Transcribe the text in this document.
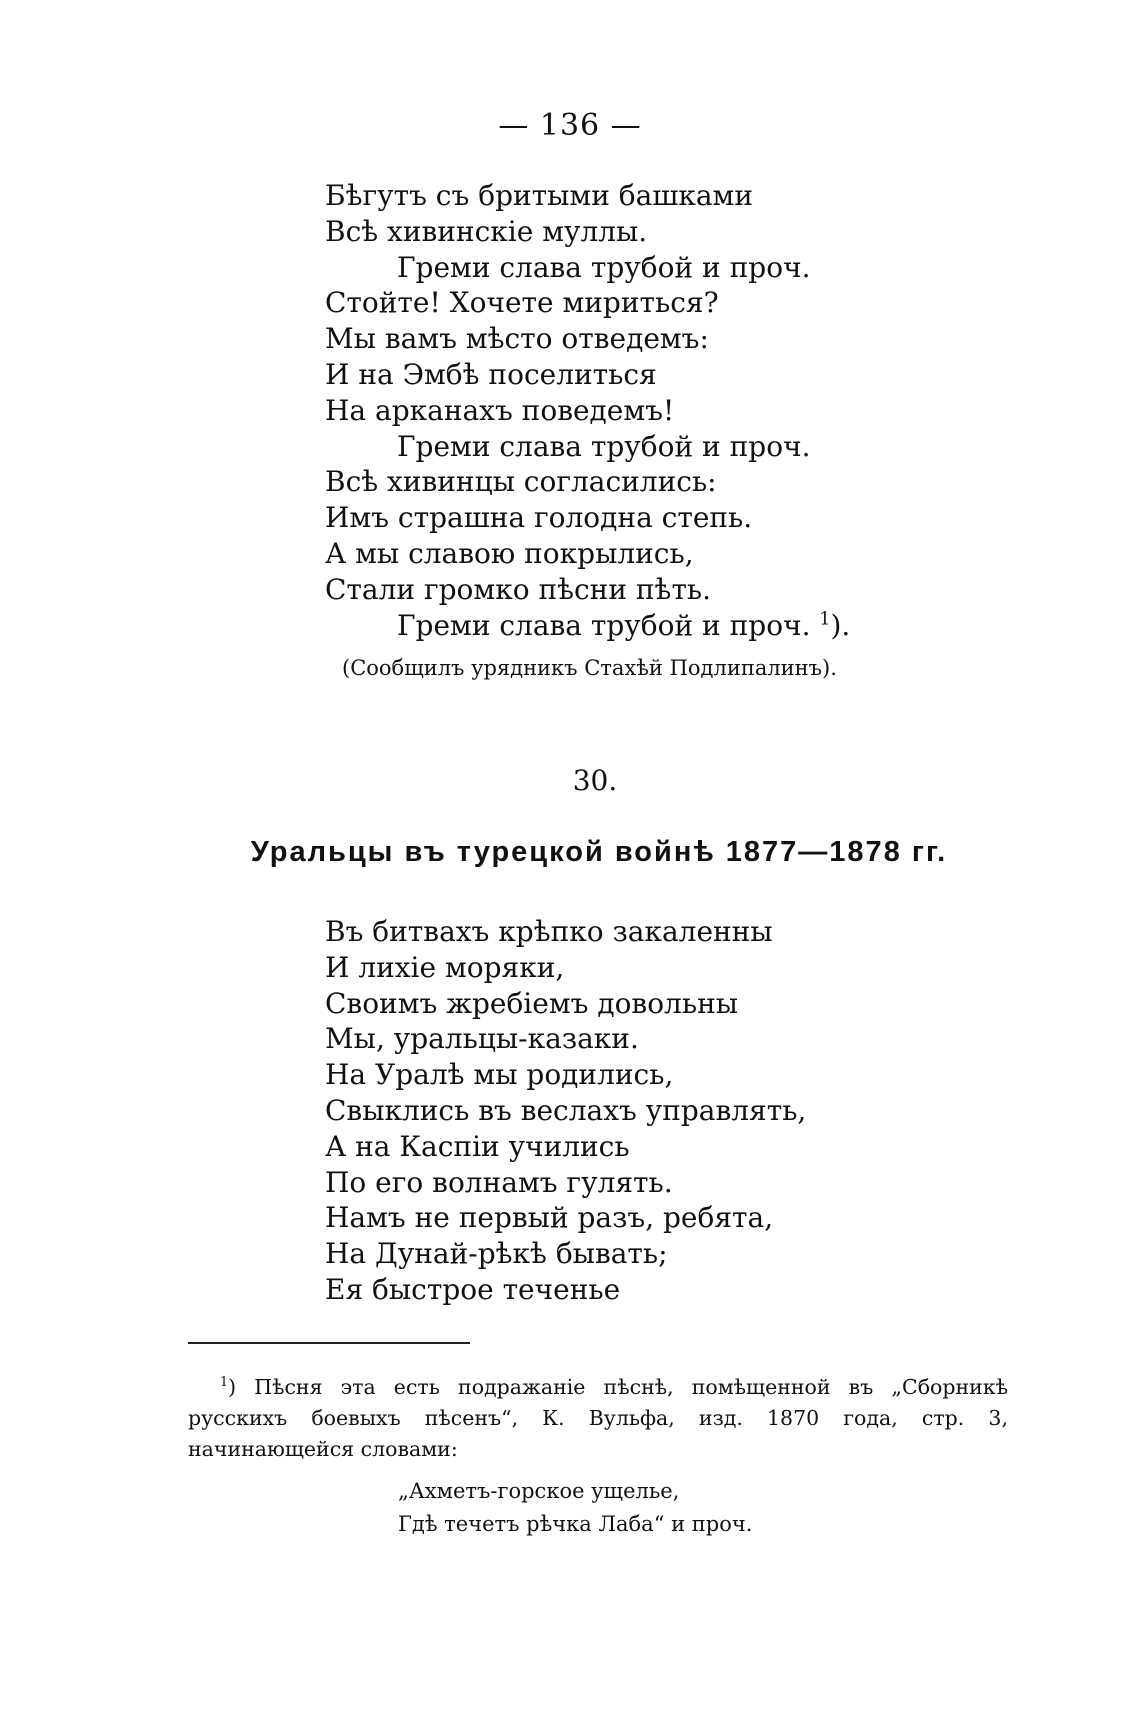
— 136 —
Бѣгутъ съ бритыми башками
Всѣ хивинскіе муллы.
Греми слава трубой и проч.
Стойте! Хочете мириться?
Мы вамъ мѣсто отведемъ:
И на Эмбѣ поселиться
На арканахъ поведемъ!
Греми слава трубой и проч.
Всѣ хивинцы согласились:
Имъ страшна голодна степь.
А мы славою покрылись,
Стали громко пѣсни пѣть.
Греми слава трубой и проч. $^1$).
(Сообщилъ урядникъ Стахѣй Подлипалинъ).
30.
Уральцы въ турецкой войнѣ 1877—1878 гг.
Въ битвахъ крѣпко закаленны
И лихіе моряки,
Своимъ жребіемъ довольны
Мы, уральцы-казаки.
На Уралѣ мы родились,
Свыклись въ веслахъ управлять,
А на Каспіи учились
По его волнамъ гулять.
Намъ не первый разъ, ребята,
На Дунай-рѣкѣ бывать;
Ея быстрое теченье
$^1$) Пѣсня эта есть подражаніе пѣснѣ, помѣщенной въ „Сборникѣ русскихъ боевыхъ пѣсенъ“, К. Вульфа, изд. 1870 года, стр. 3, начинающейся словами:
„Ахметъ-горское ущелье,
Гдѣ течетъ рѣчка Лаба“ и проч.
